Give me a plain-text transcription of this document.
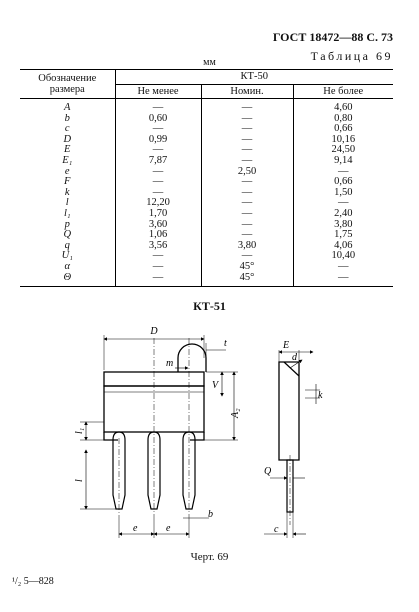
ГОСТ 18472—88 С. 73
Таблица 69
мм
Обозначение размера	КТ-50		
	Не менее	Номин.	Не более
A	—	—	4,60
b	0,60	—	0,80
c	—	—	0,66
D	0,99	—	10,16
E	—	—	24,50
E₁	7,87	—	9,14
e	—	2,50	—
F	—	—	0,66
k	—	—	1,50
l	12,20	—	—
l₁	1,70	—	2,40
p	3,60	—	3,80
Q	1,06	—	1,75
q	3,56	3,80	4,06
U₁	—	—	10,40
α	—	45°	—
Θ	—	45°	—
КТ-51
D
t
m
V
A₂
l₁
l
e	e
b
E
d
k
Q
c
Черт. 69
¹/₂ 5—828
